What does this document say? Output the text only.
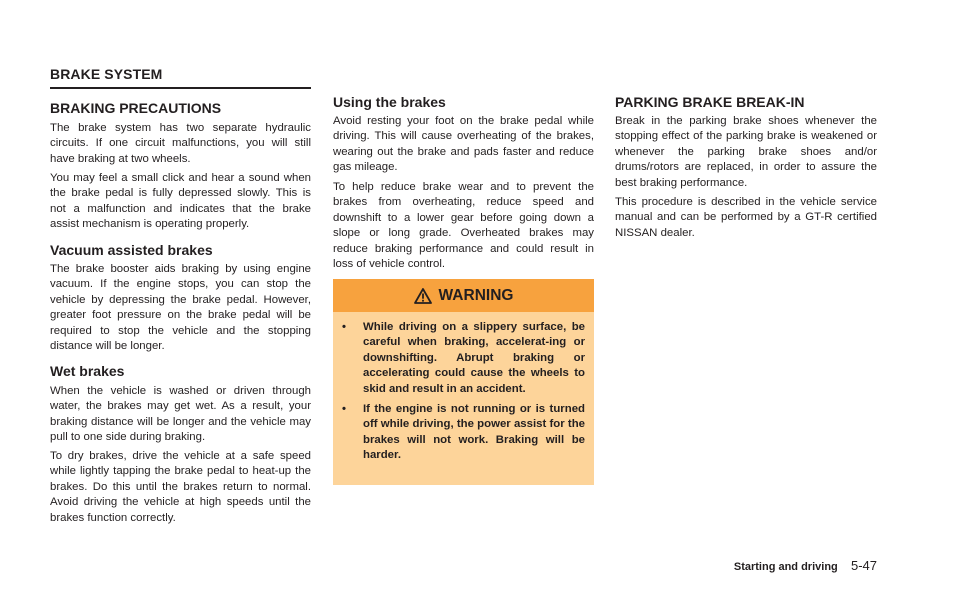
BRAKE SYSTEM
BRAKING PRECAUTIONS

The brake system has two separate hydraulic circuits. If one circuit malfunctions, you will still have braking at two wheels.

You may feel a small click and hear a sound when the brake pedal is fully depressed slowly. This is not a malfunction and indicates that the brake assist mechanism is operating properly.

Vacuum assisted brakes

The brake booster aids braking by using engine vacuum. If the engine stops, you can stop the vehicle by depressing the brake pedal. However, greater foot pressure on the brake pedal will be required to stop the vehicle and the stopping distance will be longer.

Wet brakes

When the vehicle is washed or driven through water, the brakes may get wet. As a result, your braking distance will be longer and the vehicle may pull to one side during braking.

To dry brakes, drive the vehicle at a safe speed while lightly tapping the brake pedal to heat-up the brakes. Do this until the brakes return to normal. Avoid driving the vehicle at high speeds until the brakes function correctly.

Using the brakes

Avoid resting your foot on the brake pedal while driving. This will cause overheating of the brakes, wearing out the brake and pads faster and reduce gas mileage.

To help reduce brake wear and to prevent the brakes from overheating, reduce speed and downshift to a lower gear before going down a slope or long grade. Overheated brakes may reduce braking performance and could result in loss of vehicle control.

WARNING
•	While driving on a slippery surface, be careful when braking, accelerat-ing or downshifting. Abrupt braking or accelerating could cause the wheels to skid and result in an accident.
•	If the engine is not running or is turned off while driving, the power assist for the brakes will not work. Braking will be harder.
PARKING BRAKE BREAK-IN

Break in the parking brake shoes whenever the stopping effect of the parking brake is weakened or whenever the parking brake shoes and/or drums/rotors are replaced, in order to assure the best braking performance.

This procedure is described in the vehicle service manual and can be performed by a GT-R certified NISSAN dealer.

Starting and driving 5-47
